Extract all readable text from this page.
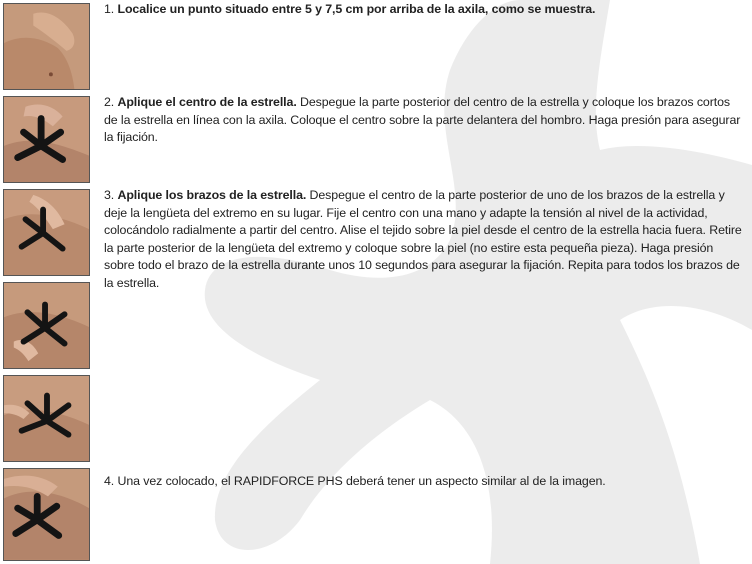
1. Localice un punto situado entre 5 y 7,5 cm por arriba de la axila, como se muestra.
2. Aplique el centro de la estrella. Despegue la parte posterior del centro de la estrella y coloque los brazos cortos de la estrella en línea con la axila. Coloque el centro sobre la parte delantera del hombro. Haga presión para asegurar la fijación.
3. Aplique los brazos de la estrella. Despegue el centro de la parte posterior de uno de los brazos de la estrella y deje la lengüeta del extremo en su lugar. Fije el centro con una mano y adapte la tensión al nivel de la actividad, colocándolo radialmente a partir del centro. Alise el tejido sobre la piel desde el centro de la estrella hacia fuera. Retire la parte posterior de la lengüeta del extremo y coloque sobre la piel (no estire esta pequeña pieza). Haga presión sobre todo el brazo de la estrella durante unos 10 segundos para asegurar la fijación. Repita para todos los brazos de la estrella.
4. Una vez colocado, el RAPIDFORCE PHS deberá tener un aspecto similar al de la imagen.
